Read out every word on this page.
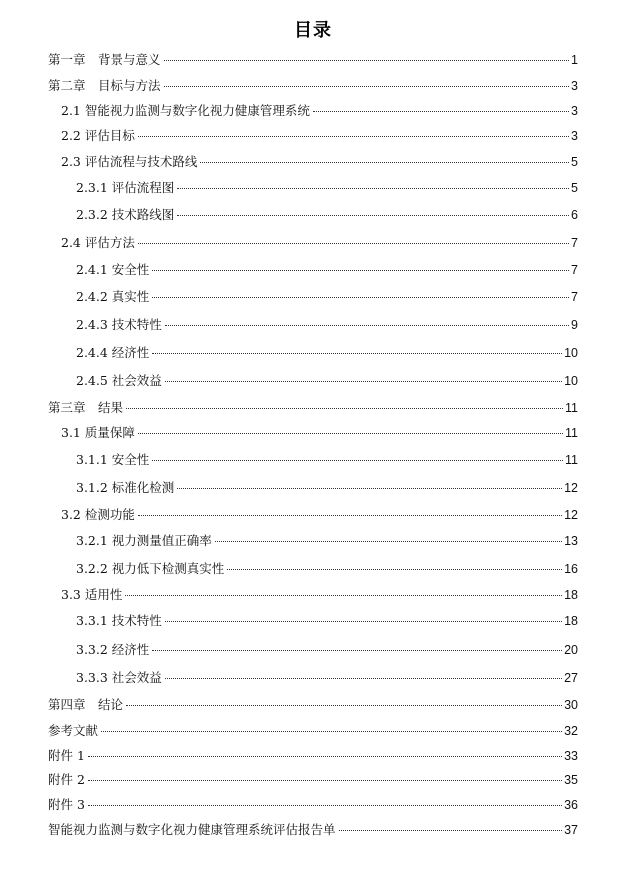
目录
第一章　背景与意义	1
第二章　目标与方法	3
2.1 智能视力监测与数字化视力健康管理系统	3
2.2 评估目标	3
2.3 评估流程与技术路线	5
2.3.1 评估流程图	5
2.3.2 技术路线图	6
2.4 评估方法	7
2.4.1 安全性	7
2.4.2 真实性	7
2.4.3 技术特性	9
2.4.4 经济性	10
2.4.5 社会效益	10
第三章　结果	11
3.1 质量保障	11
3.1.1 安全性	11
3.1.2 标准化检测	12
3.2 检测功能	12
3.2.1 视力测量值正确率	13
3.2.2 视力低下检测真实性	16
3.3 适用性	18
3.3.1 技术特性	18
3.3.2 经济性	20
3.3.3 社会效益	27
第四章　结论	30
参考文献	32
附件 1	33
附件 2	35
附件 3	36
智能视力监测与数字化视力健康管理系统评估报告单	37
